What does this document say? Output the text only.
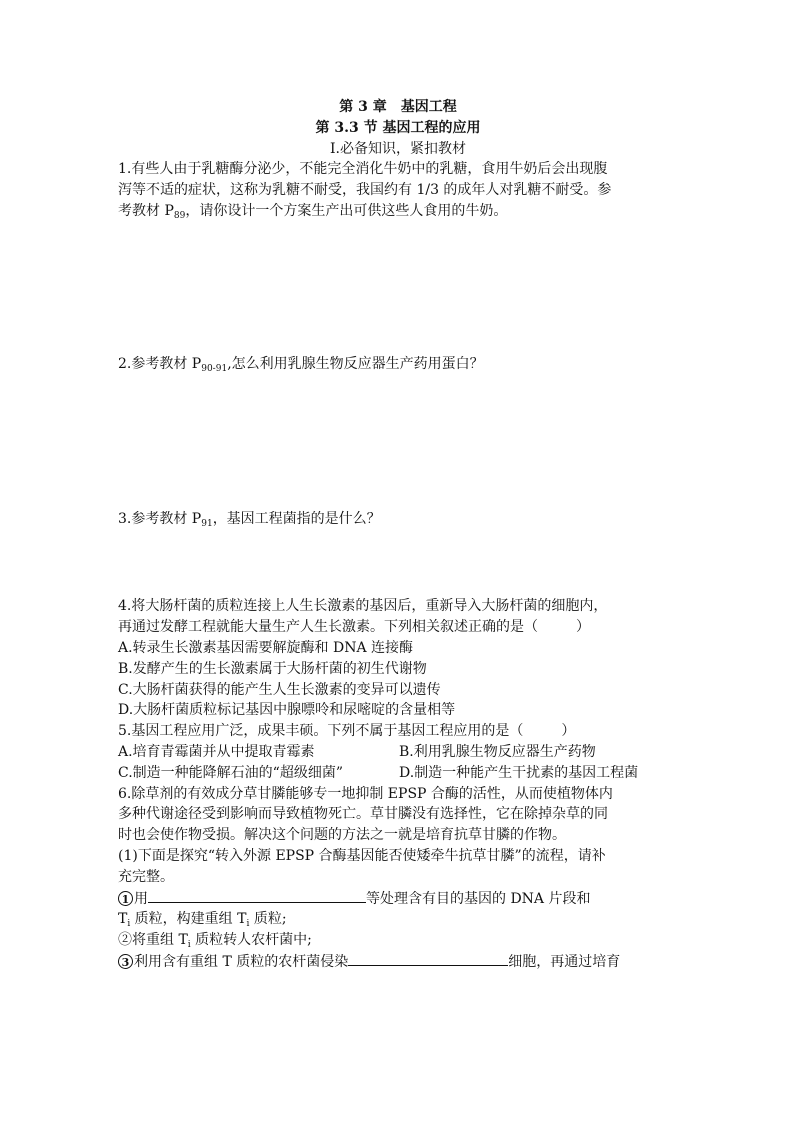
第 3 章　基因工程

第 3.3 节 基因工程的应用

Ⅰ.必备知识，紧扣教材

1.有些人由于乳糖酶分泌少，不能完全消化牛奶中的乳糖，食用牛奶后会出现腹

泻等不适的症状，这称为乳糖不耐受，我国约有 1/3 的成年人对乳糖不耐受。参

考教材 $P_{89}$，请你设计一个方案生产出可供这些人食用的牛奶。

2.参考教材 $P_{90-91}$,怎么利用乳腺生物反应器生产药用蛋白？

3.参考教材 $P_{91}$，基因工程菌指的是什么？

4.将大肠杆菌的质粒连接上人生长激素的基因后，重新导入大肠杆菌的细胞内，

再通过发酵工程就能大量生产人生长激素。下列相关叙述正确的是（	）

A.转录生长激素基因需要解旋酶和 DNA 连接酶

B.发酵产生的生长激素属于大肠杆菌的初生代谢物

C.大肠杆菌获得的能产生人生长激素的变异可以遗传

D.大肠杆菌质粒标记基因中腺嘌呤和尿嘧啶的含量相等

5.基因工程应用广泛，成果丰硕。下列不属于基因工程应用的是（	）

A.培育青霉菌并从中提取青霉素	B.利用乳腺生物反应器生产药物
C.制造一种能降解石油的“超级细菌”	D.制造一种能产生干扰素的基因工程菌

6.除草剂的有效成分草甘膦能够专一地抑制 EPSP 合酶的活性，从而使植物体内

多种代谢途径受到影响而导致植物死亡。草甘膦没有选择性，它在除掉杂草的同

时也会使作物受损。解决这个问题的方法之一就是培育抗草甘膦的作物。

(1)下面是探究“转入外源 EPSP 合酶基因能否使矮牵牛抗草甘膦”的流程，请补

充完整。

1 用	等处理含有目的基因的 DNA 片段和

$T_i$ 质粒，构建重组 $T_i$ 质粒;

②将重组 $T_i$ 质粒转人农杆菌中;

3 利用含有重组 T 质粒的农杆菌侵染	细胞，再通过培育
